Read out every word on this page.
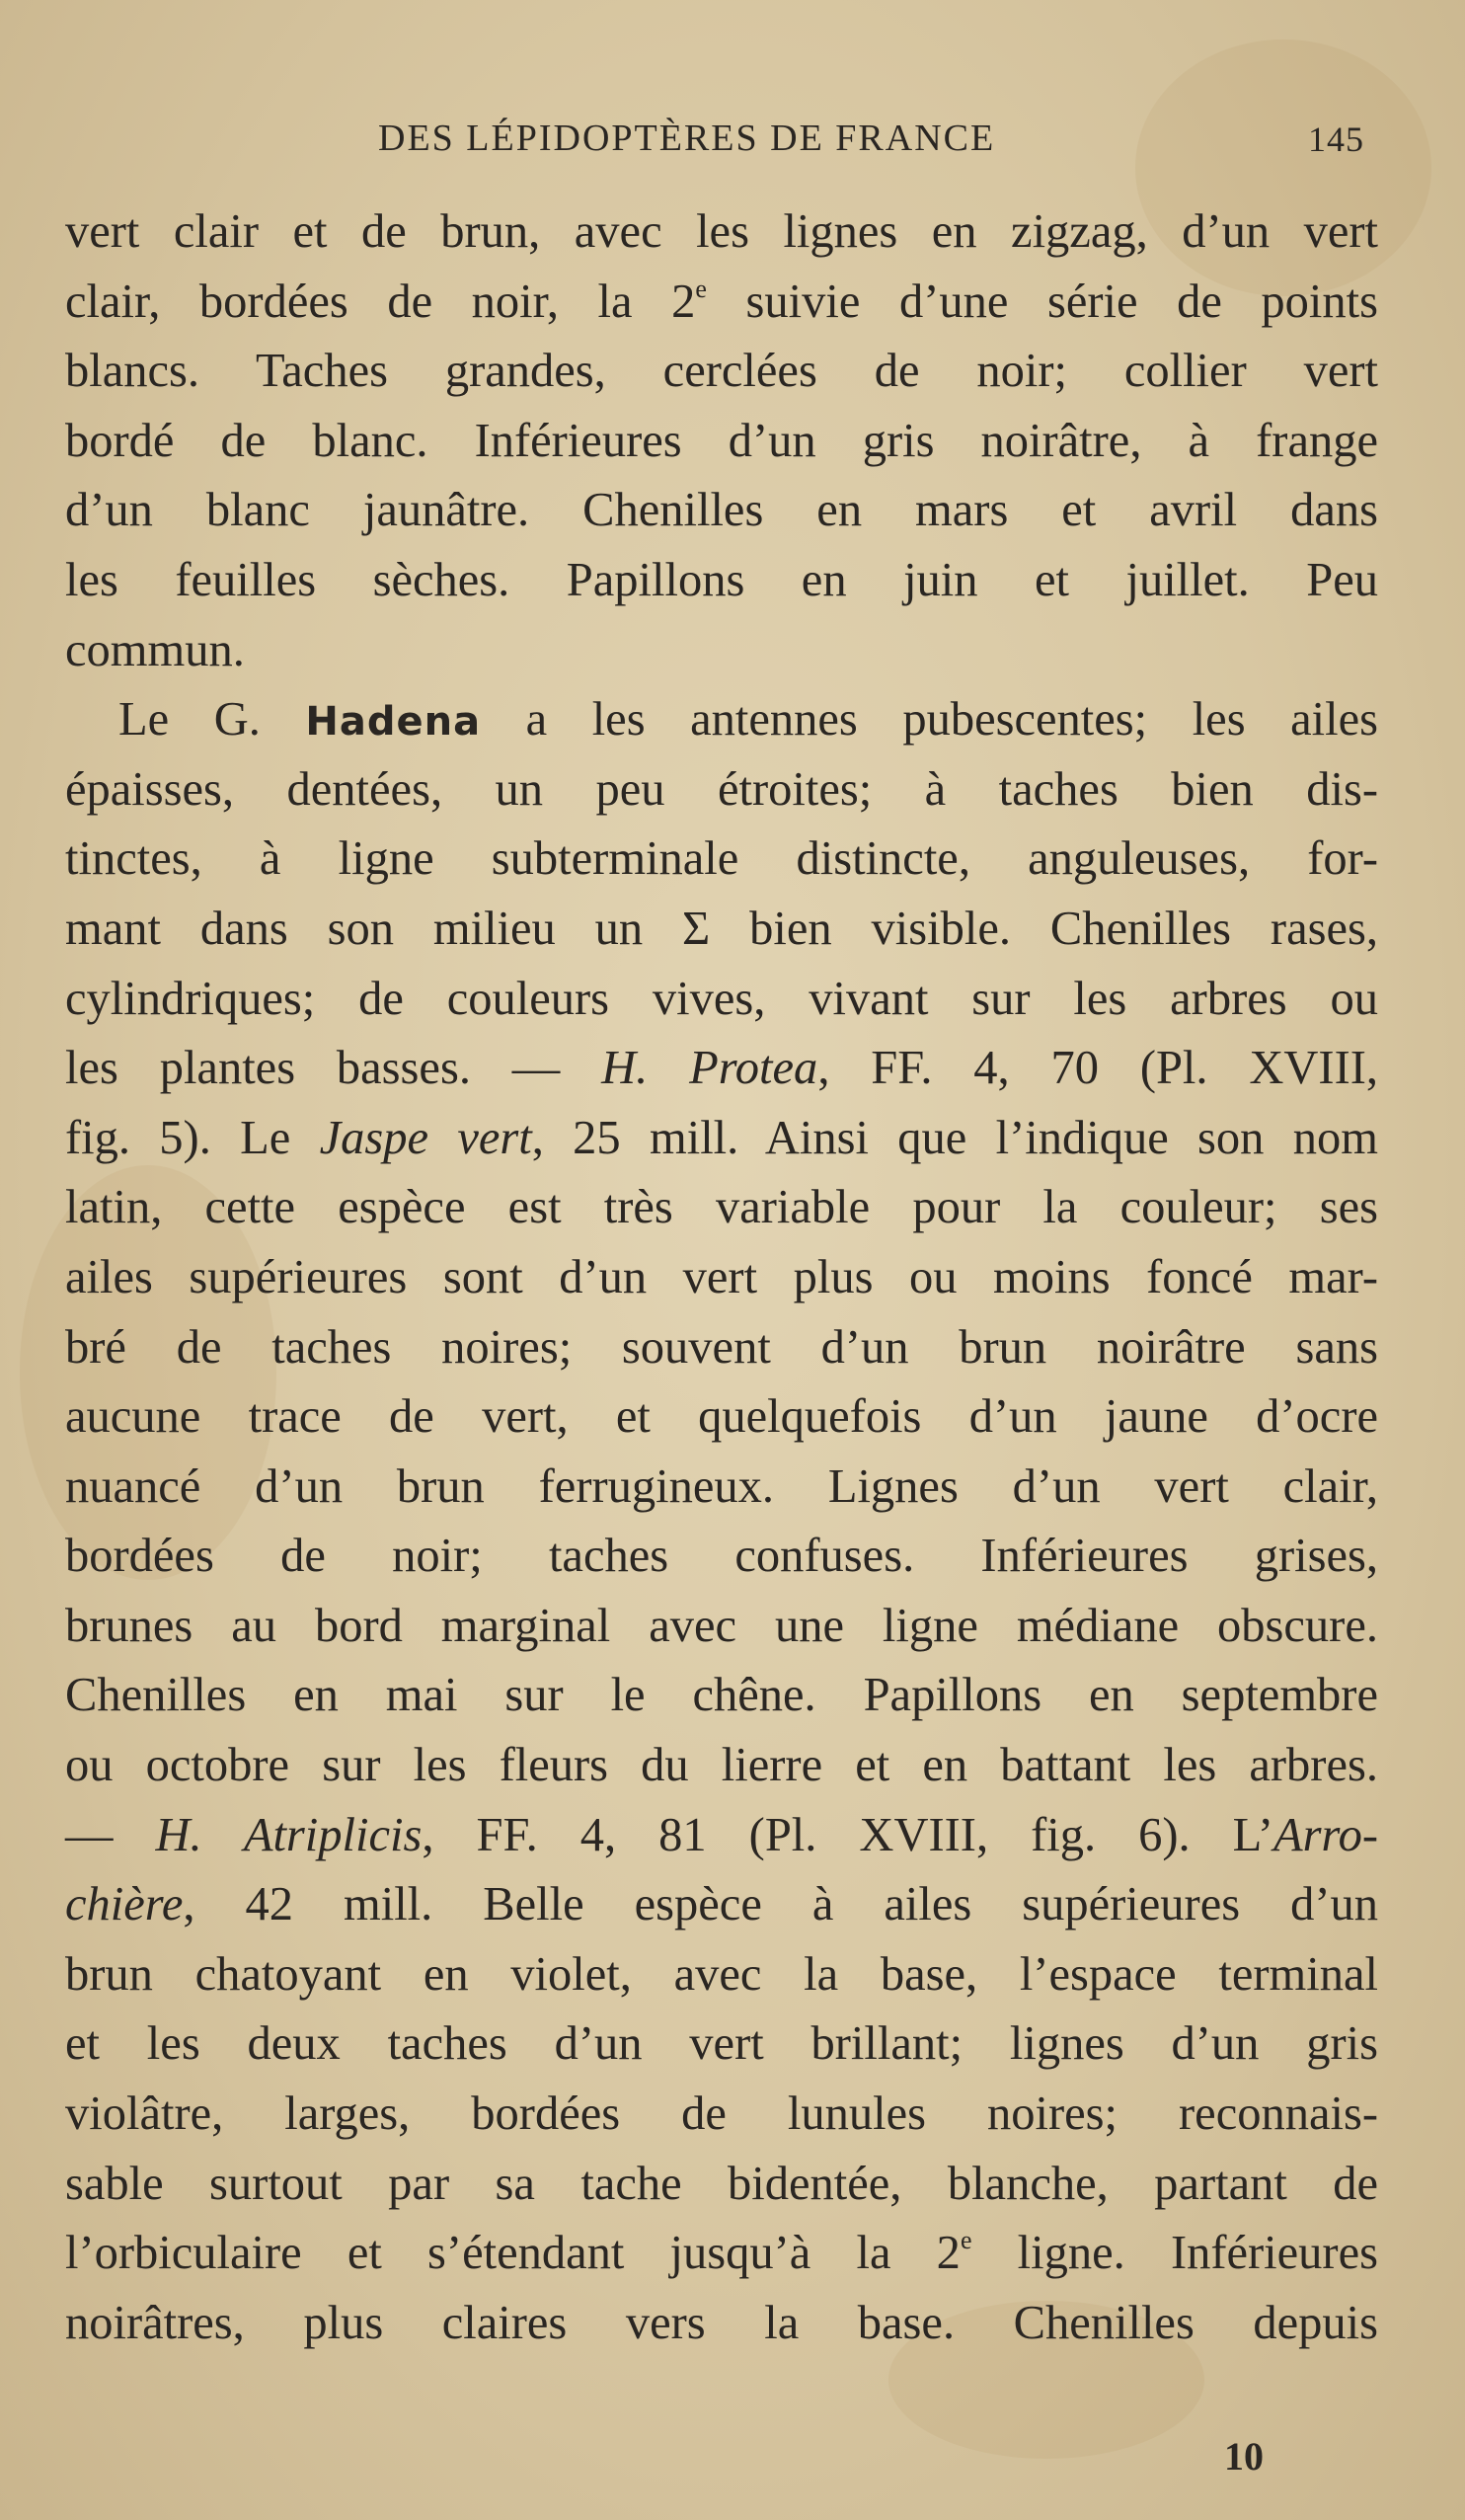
DES LÉPIDOPTÈRES DE FRANCE	145
vert clair et de brun, avec les lignes en zigzag, d’un vert
clair, bordées de noir, la 2e suivie d’une série de points
blancs. Taches grandes, cerclées de noir; collier vert
bordé de blanc. Inférieures d’un gris noirâtre, à frange
d’un blanc jaunâtre. Chenilles en mars et avril dans
les feuilles sèches. Papillons en juin et juillet. Peu
commun.
Le G. Hadena a les antennes pubescentes; les ailes
épaisses, dentées, un peu étroites; à taches bien dis-
tinctes, à ligne subterminale distincte, anguleuses, for-
mant dans son milieu un Σ bien visible. Chenilles rases,
cylindriques; de couleurs vives, vivant sur les arbres ou
les plantes basses. — H. Protea, FF. 4, 70 (Pl. XVIII,
fig. 5). Le Jaspe vert, 25 mill. Ainsi que l’indique son nom
latin, cette espèce est très variable pour la couleur; ses
ailes supérieures sont d’un vert plus ou moins foncé mar-
bré de taches noires; souvent d’un brun noirâtre sans
aucune trace de vert, et quelquefois d’un jaune d’ocre
nuancé d’un brun ferrugineux. Lignes d’un vert clair,
bordées de noir; taches confuses. Inférieures grises,
brunes au bord marginal avec une ligne médiane obscure.
Chenilles en mai sur le chêne. Papillons en septembre
ou octobre sur les fleurs du lierre et en battant les arbres.
— H. Atriplicis, FF. 4, 81 (Pl. XVIII, fig. 6). L’Arro-
chière, 42 mill. Belle espèce à ailes supérieures d’un
brun chatoyant en violet, avec la base, l’espace terminal
et les deux taches d’un vert brillant; lignes d’un gris
violâtre, larges, bordées de lunules noires; reconnais-
sable surtout par sa tache bidentée, blanche, partant de
l’orbiculaire et s’étendant jusqu’à la 2e ligne. Inférieures
noirâtres, plus claires vers la base. Chenilles depuis
10
